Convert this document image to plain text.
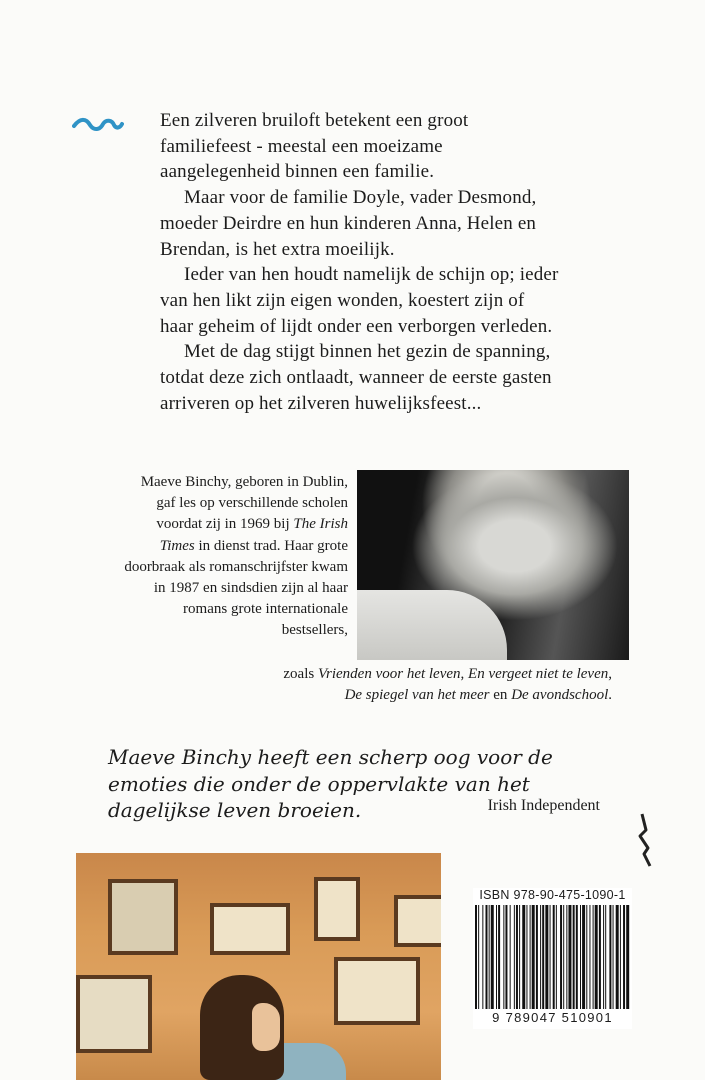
Een zilveren bruiloft betekent een groot familiefeest - meestal een moeizame aangelegenheid binnen een familie.

Maar voor de familie Doyle, vader Desmond, moeder Deirdre en hun kinderen Anna, Helen en Brendan, is het extra moeilijk.

Ieder van hen houdt namelijk de schijn op; ieder van hen likt zijn eigen wonden, koestert zijn of haar geheim of lijdt onder een verborgen verleden.

Met de dag stijgt binnen het gezin de spanning, totdat deze zich ontlaadt, wanneer de eerste gasten arriveren op het zilveren huwelijksfeest...

Maeve Binchy, geboren in Dublin, gaf les op verschillende scholen voordat zij in 1969 bij The Irish Times in dienst trad. Haar grote doorbraak als romanschrijfster kwam in 1987 en sindsdien zijn al haar romans grote internationale bestsellers,
zoals Vrienden voor het leven, En vergeet niet te leven,
De spiegel van het meer en De avondschool.
Maeve Binchy heeft een scherp oog voor de emoties die onder de oppervlakte van het dagelijkse leven broeien.	Irish Independent
ISBN 978-90-475-1090-1
9 789047 510901
